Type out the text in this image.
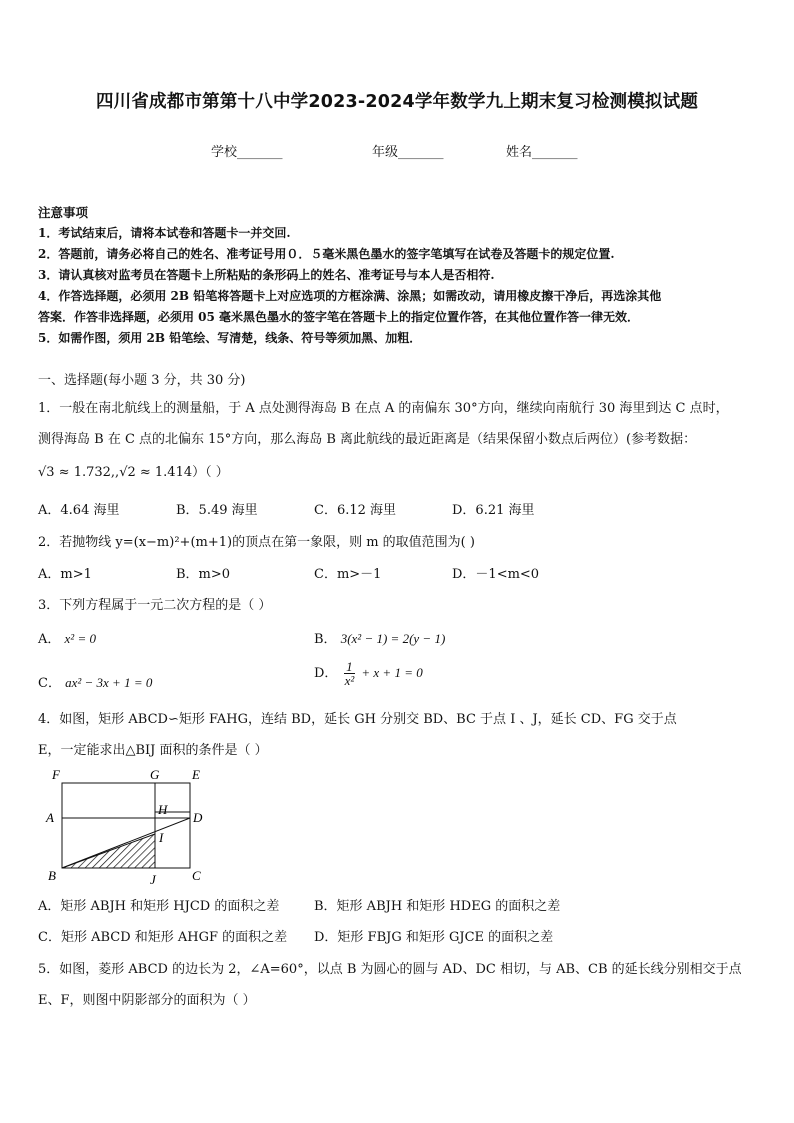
四川省成都市第第十八中学2023-2024学年数学九上期末复习检测模拟试题
学校_______	年级_______	姓名_______
注意事项
1．考试结束后，请将本试卷和答题卡一并交回.
2．答题前，请务必将自己的姓名、准考证号用０．５毫米黑色墨水的签字笔填写在试卷及答题卡的规定位置.
3．请认真核对监考员在答题卡上所粘贴的条形码上的姓名、准考证号与本人是否相符.
4．作答选择题，必须用 2B 铅笔将答题卡上对应选项的方框涂满、涂黑；如需改动，请用橡皮擦干净后，再选涂其他
答案．作答非选择题，必须用 05 毫米黑色墨水的签字笔在答题卡上的指定位置作答，在其他位置作答一律无效．
5．如需作图，须用 2B 铅笔绘、写清楚，线条、符号等须加黑、加粗．
一、选择题(每小题 3 分，共 30 分)
1．一般在南北航线上的测量船，于 A 点处测得海岛 B 在点 A 的南偏东 30°方向，继续向南航行 30 海里到达 C 点时，
测得海岛 B 在 C 点的北偏东 15°方向，那么海岛 B 离此航线的最近距离是（结果保留小数点后两位）(参考数据：
√3 ≈ 1.732,,√2 ≈ 1.414）（ ）
A．4.64 海里	B．5.49 海里	C．6.12 海里	D．6.21 海里
2．若抛物线 y=(x−m)²+(m+1)的顶点在第一象限，则 m 的取值范围为( )
A．m>1	B．m>0	C．m>－1	D．－1<m<0
3．下列方程属于一元二次方程的是（ ）
A． x² = 0	B． 3(x² − 1) = 2(y − 1)
C． ax² − 3x + 1 = 0
D． $\frac{1}{\text{x²}} + x + 1 = 0$
4．如图，矩形 ABCD∽矩形 FAHG，连结 BD，延长 GH 分别交 BD、BC 于点 I 、J，延长 CD、FG 交于点
E，一定能求出△BIJ 面积的条件是（ ）
F	G	E
H
A	D
I
B	J	C
A．矩形 ABJH 和矩形 HJCD 的面积之差	B．矩形 ABJH 和矩形 HDEG 的面积之差
C．矩形 ABCD 和矩形 AHGF 的面积之差 D．矩形 FBJG 和矩形 GJCE 的面积之差
5．如图，菱形 ABCD 的边长为 2，∠A=60°，以点 B 为圆心的圆与 AD、DC 相切，与 AB、CB 的延长线分别相交于点
E、F，则图中阴影部分的面积为（ ）
